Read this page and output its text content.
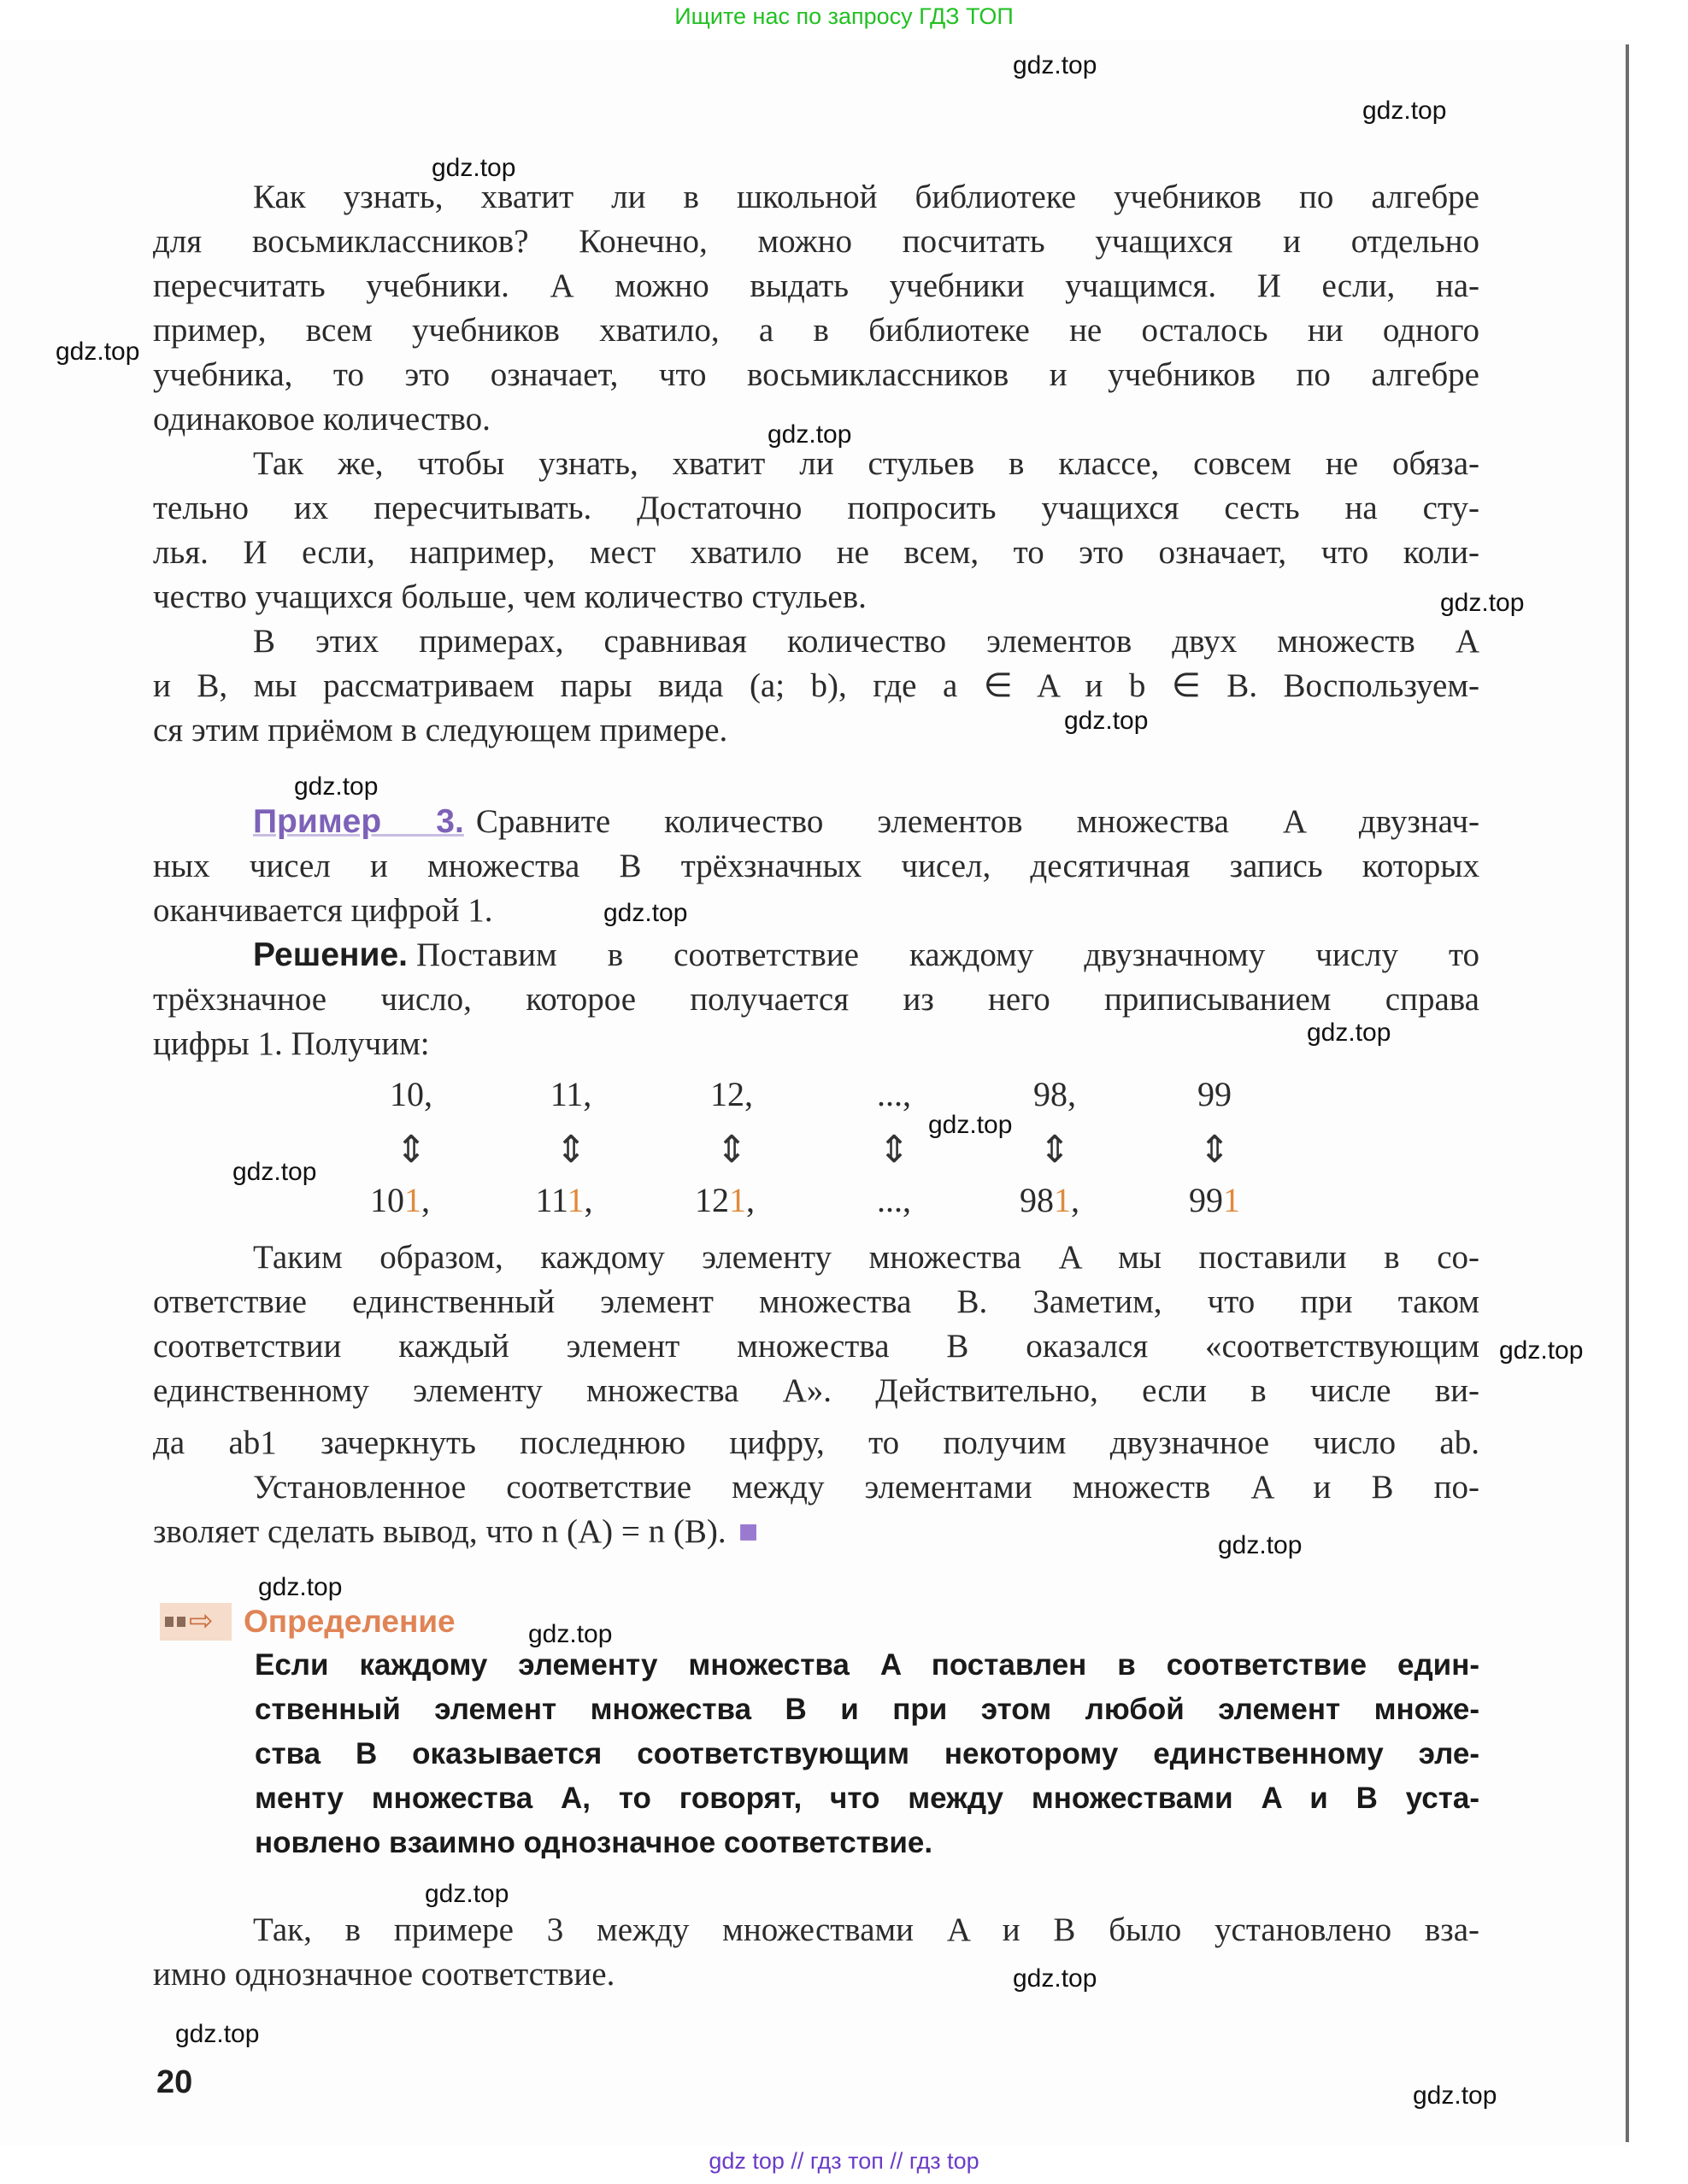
Ищите нас по запросу ГДЗ ТОП
gdz top // гдз топ // гдз top
Как узнать, хватит ли в школьной библиотеке учебников по алгебре
для восьмиклассников? Конечно, можно посчитать учащихся и отдельно
пересчитать учебники. А можно выдать учебники учащимся. И если, на-
пример, всем учебников хватило, а в библиотеке не осталось ни одного
учебника, то это означает, что восьмиклассников и учебников по алгебре
одинаковое количество.
Так же, чтобы узнать, хватит ли стульев в классе, совсем не обяза-
тельно их пересчитывать. Достаточно попросить учащихся сесть на сту-
лья. И если, например, мест хватило не всем, то это означает, что коли-
чество учащихся больше, чем количество стульев.
В этих примерах, сравнивая количество элементов двух множеств A
и B, мы рассматриваем пары вида (a; b), где a ∈ A и b ∈ B. Воспользуем-
ся этим приёмом в следующем примере.
Пример 3. Сравните количество элементов множества A двузнач-
ных чисел и множества B трёхзначных чисел, десятичная запись которых
оканчивается цифрой 1.
Решение. Поставим в соответствие каждому двузначному числу то
трёхзначное число, которое получается из него приписыванием справа
цифры 1. Получим:
10,	11,	12,	...,	98,	99
⇕	⇕	⇕	⇕	⇕	⇕
101,	111,	121,	...,	981,	991
Таким образом, каждому элементу множества A мы поставили в со-
ответствие единственный элемент множества B. Заметим, что при таком
соответствии каждый элемент множества B оказался «соответствующим
единственному элементу множества A». Действительно, если в числе ви-
да ab1 зачеркнуть последнюю цифру, то получим двузначное число ab.
Установленное соответствие между элементами множеств A и B по-
зволяет сделать вывод, что n (A) = n (B). ■
⇨ Определение
Если каждому элементу множества A поставлен в соответствие един-
ственный элемент множества B и при этом любой элемент множе-
ства B оказывается соответствующим некоторому единственному эле-
менту множества A, то говорят, что между множествами A и B уста-
новлено взаимно однозначное соответствие.
Так, в примере 3 между множествами A и B было установлено вза-
имно однозначное соответствие.
20
gdz.top
gdz.top
gdz.top
gdz.top
gdz.top
gdz.top
gdz.top
gdz.top
gdz.top
gdz.top
gdz.top
gdz.top
gdz.top
gdz.top
gdz.top
gdz.top
gdz.top
gdz.top
gdz.top
gdz.top
